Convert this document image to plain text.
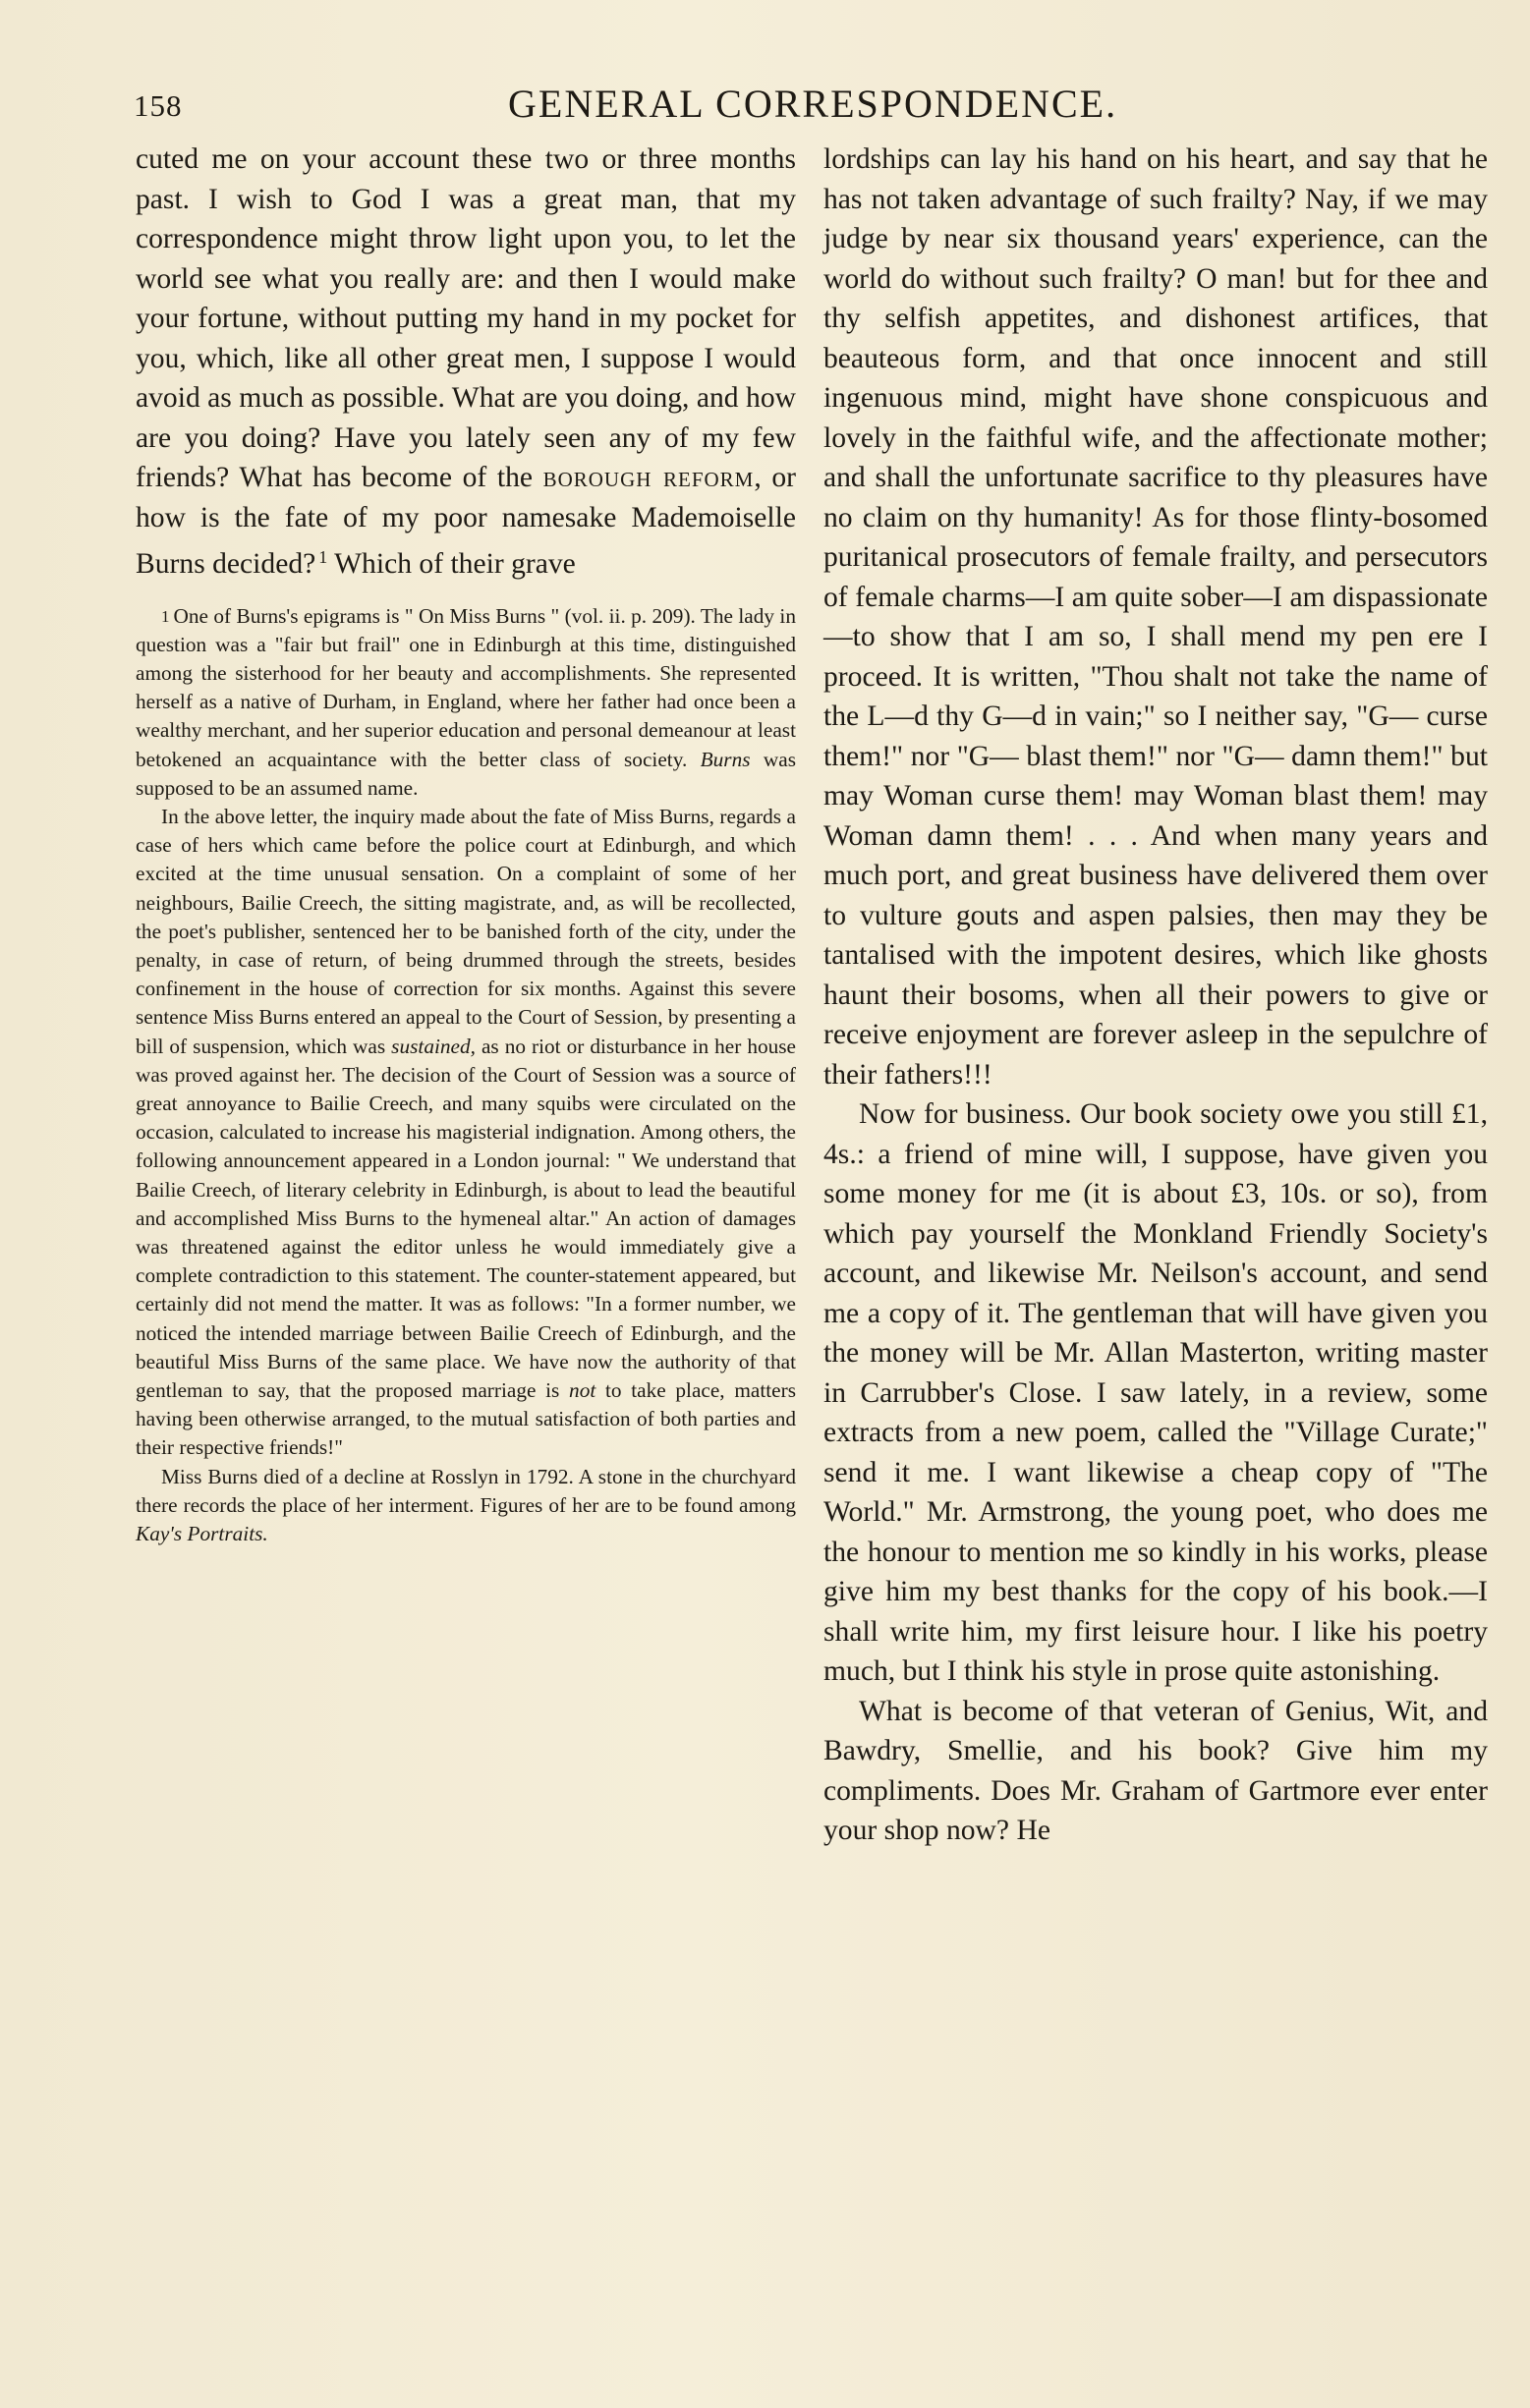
158	GENERAL CORRESPONDENCE.

cuted me on your account these two or three months past. I wish to God I was a great man, that my correspondence might throw light upon you, to let the world see what you really are: and then I would make your fortune, without putting my hand in my pocket for you, which, like all other great men, I suppose I would avoid as much as possible. What are you doing, and how are you doing? Have you lately seen any of my few friends? What has become of the borough reform, or how is the fate of my poor namesake Mademoiselle Burns decided? $^1$ Which of their grave

1 One of Burns's epigrams is " On Miss Burns " (vol. ii. p. 209). The lady in question was a "fair but frail" one in Edinburgh at this time, distinguished among the sisterhood for her beauty and accomplishments. She represented herself as a native of Durham, in England, where her father had once been a wealthy merchant, and her superior education and personal demeanour at least betokened an acquaintance with the better class of society. Burns was supposed to be an assumed name.

In the above letter, the inquiry made about the fate of Miss Burns, regards a case of hers which came before the police court at Edinburgh, and which excited at the time unusual sensation. On a complaint of some of her neighbours, Bailie Creech, the sitting magistrate, and, as will be recollected, the poet's publisher, sentenced her to be banished forth of the city, under the penalty, in case of return, of being drummed through the streets, besides confinement in the house of correction for six months. Against this severe sentence Miss Burns entered an appeal to the Court of Session, by presenting a bill of suspension, which was sustained, as no riot or disturbance in her house was proved against her. The decision of the Court of Session was a source of great annoyance to Bailie Creech, and many squibs were circulated on the occasion, calculated to increase his magisterial indignation. Among others, the following announcement appeared in a London journal: " We understand that Bailie Creech, of literary celebrity in Edinburgh, is about to lead the beautiful and accomplished Miss Burns to the hymeneal altar." An action of damages was threatened against the editor unless he would immediately give a complete contradiction to this statement. The counter-statement appeared, but certainly did not mend the matter. It was as follows: "In a former number, we noticed the intended marriage between Bailie Creech of Edinburgh, and the beautiful Miss Burns of the same place. We have now the authority of that gentleman to say, that the proposed marriage is not to take place, matters having been otherwise arranged, to the mutual satisfaction of both parties and their respective friends!"

Miss Burns died of a decline at Rosslyn in 1792. A stone in the churchyard there records the place of her interment. Figures of her are to be found among Kay's Portraits.

lordships can lay his hand on his heart, and say that he has not taken advantage of such frailty? Nay, if we may judge by near six thousand years' experience, can the world do without such frailty? O man! but for thee and thy selfish appetites, and dishonest artifices, that beauteous form, and that once innocent and still ingenuous mind, might have shone conspicuous and lovely in the faithful wife, and the affectionate mother; and shall the unfortunate sacrifice to thy pleasures have no claim on thy humanity! As for those flinty-bosomed puritanical prosecutors of female frailty, and persecutors of female charms—I am quite sober—I am dispassionate—to show that I am so, I shall mend my pen ere I proceed. It is written, "Thou shalt not take the name of the L—d thy G—d in vain;" so I neither say, "G— curse them!" nor "G— blast them!" nor "G— damn them!" but may Woman curse them! may Woman blast them! may Woman damn them! . . . And when many years and much port, and great business have delivered them over to vulture gouts and aspen palsies, then may they be tantalised with the impotent desires, which like ghosts haunt their bosoms, when all their powers to give or receive enjoyment are forever asleep in the sepulchre of their fathers!!!

Now for business. Our book society owe you still £1, 4s.: a friend of mine will, I suppose, have given you some money for me (it is about £3, 10s. or so), from which pay yourself the Monkland Friendly Society's account, and likewise Mr. Neilson's account, and send me a copy of it. The gentleman that will have given you the money will be Mr. Allan Masterton, writing master in Carrubber's Close. I saw lately, in a review, some extracts from a new poem, called the "Village Curate;" send it me. I want likewise a cheap copy of "The World." Mr. Armstrong, the young poet, who does me the honour to mention me so kindly in his works, please give him my best thanks for the copy of his book.—I shall write him, my first leisure hour. I like his poetry much, but I think his style in prose quite astonishing.

What is become of that veteran of Genius, Wit, and Bawdry, Smellie, and his book? Give him my compliments. Does Mr. Graham of Gartmore ever enter your shop now? He
